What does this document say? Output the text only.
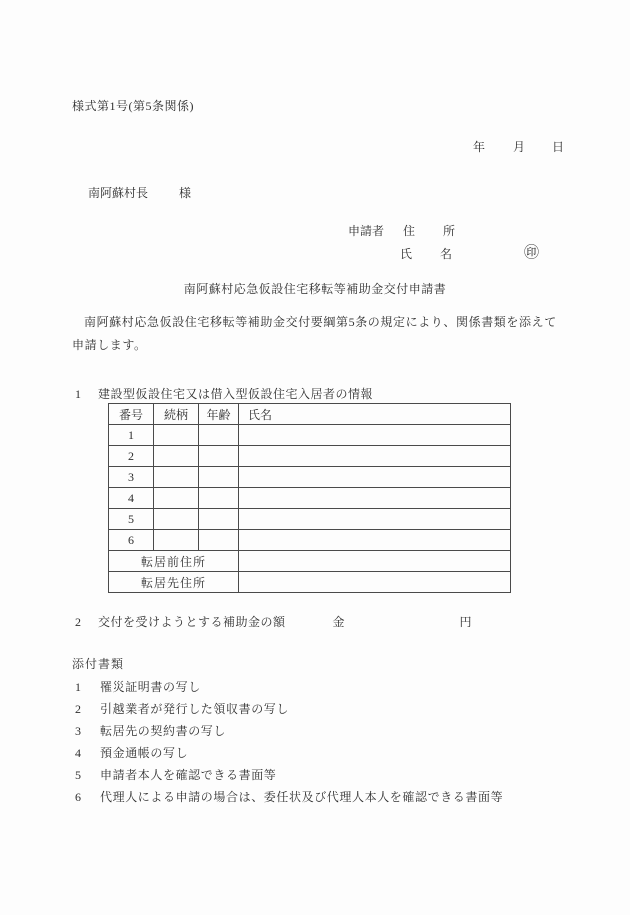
様式第1号(第5条関係)
年 月 日
南阿蘇村長	様
申請者 住　所
氏　名	㊞
南阿蘇村応急仮設住宅移転等補助金交付申請書

南阿蘇村応急仮設住宅移転等補助金交付要綱第5条の規定により、関係書類を添えて申請します。

1 建設型仮設住宅又は借入型仮設住宅入居者の情報
番号	続柄	年齢	氏名
1			
2			
3			
4			
5			
6			
転居前住所			
転居先住所			
2 交付を受けようとする補助金の額	金	円
添付書類
1 罹災証明書の写し
2 引越業者が発行した領収書の写し
3 転居先の契約書の写し
4 預金通帳の写し
5 申請者本人を確認できる書面等
6 代理人による申請の場合は、委任状及び代理人本人を確認できる書面等
